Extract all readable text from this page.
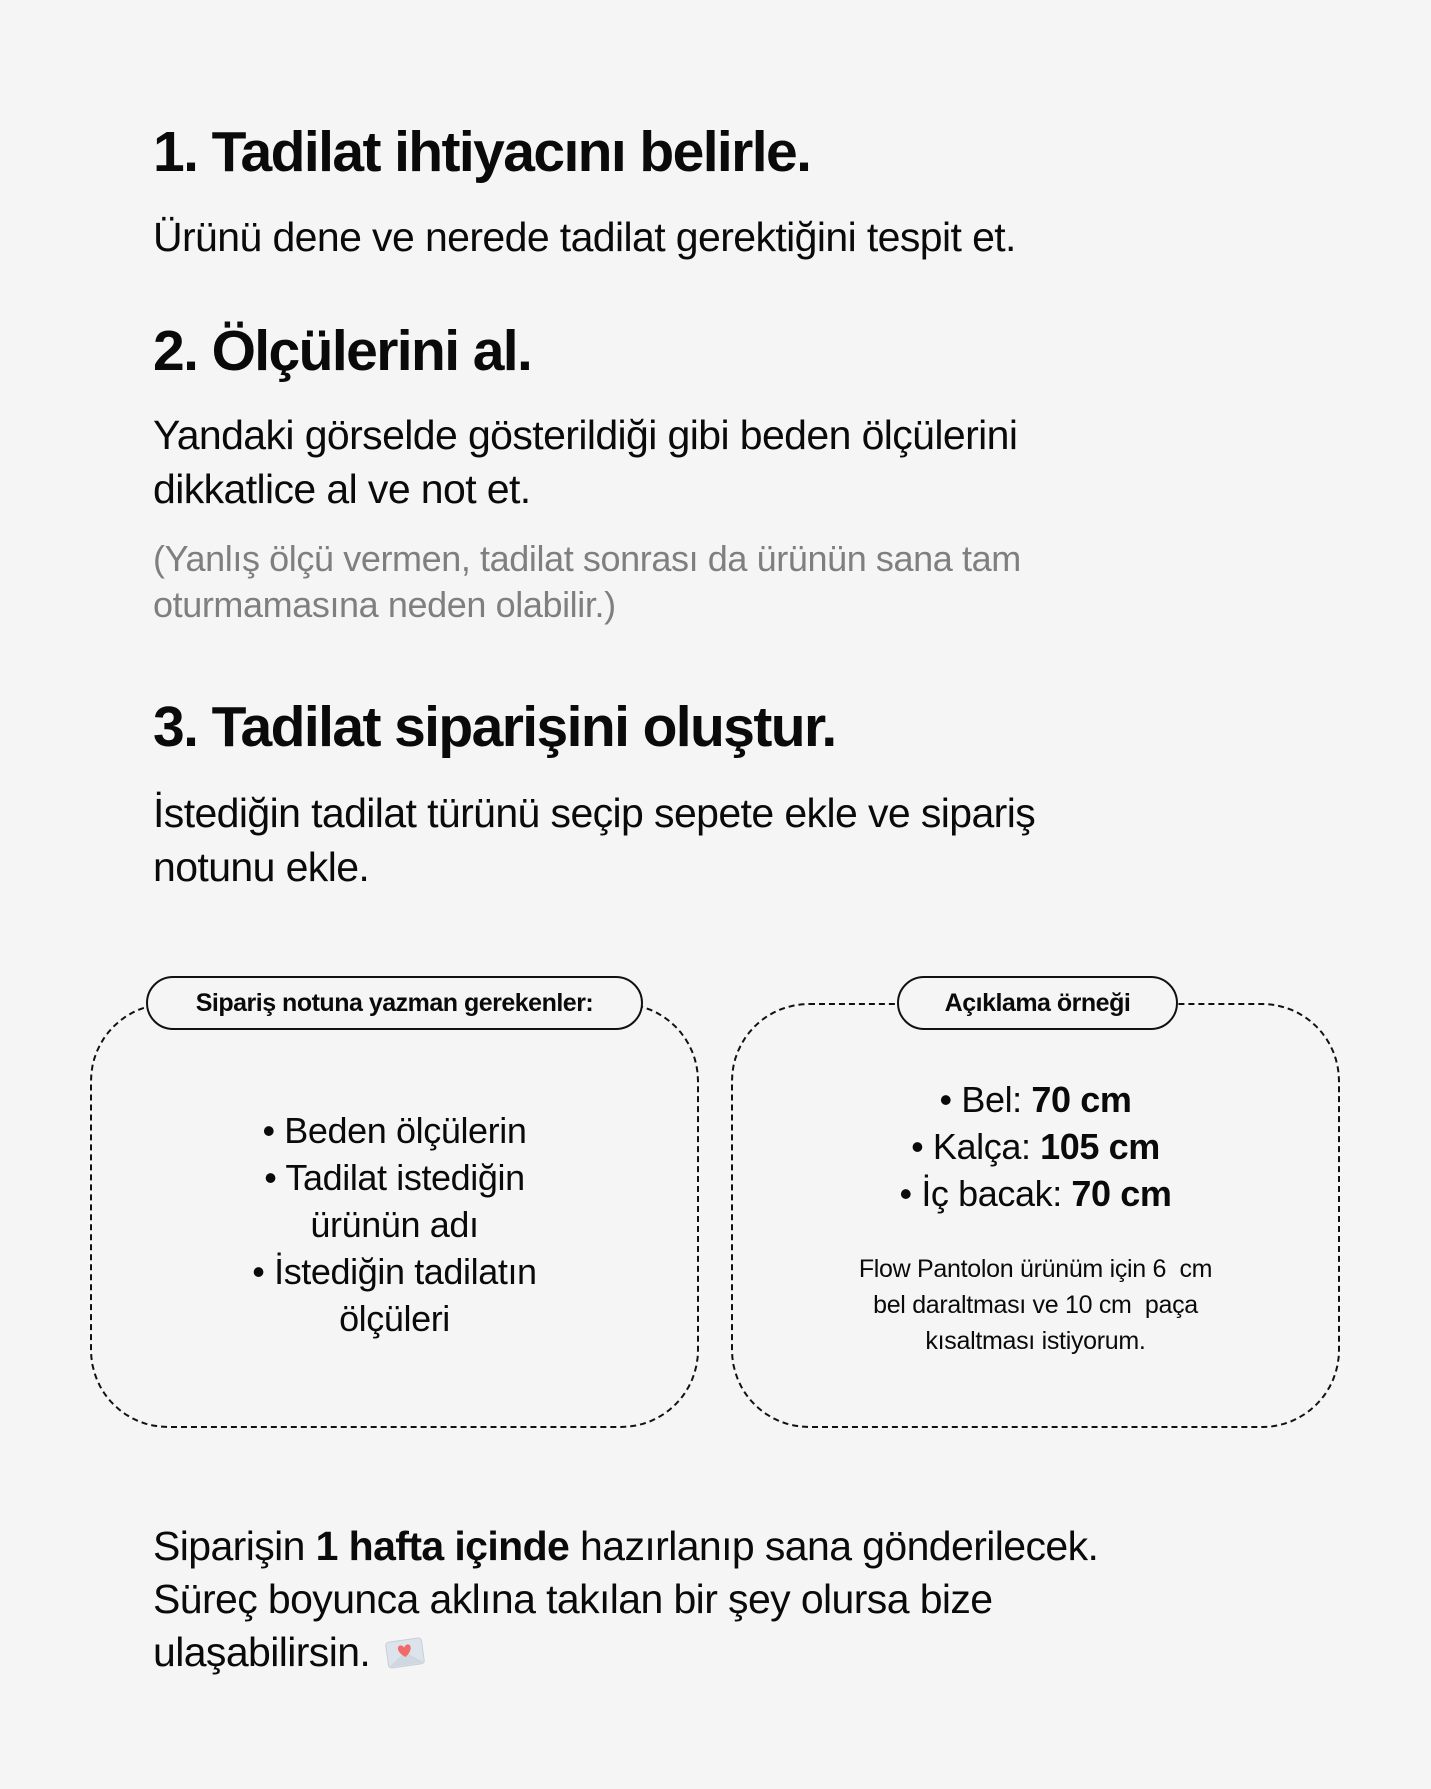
1. Tadilat ihtiyacını belirle.
Ürünü dene ve nerede tadilat gerektiğini tespit et.
2. Ölçülerini al.
Yandaki görselde gösterildiği gibi beden ölçülerini
dikkatlice al ve not et.
(Yanlış ölçü vermen, tadilat sonrası da ürünün sana tam
oturmamasına neden olabilir.)
3. Tadilat siparişini oluştur.
İstediğin tadilat türünü seçip sepete ekle ve sipariş
notunu ekle.
Sipariş notuna yazman gerekenler:
• Beden ölçülerin
• Tadilat istediğin
ürünün adı
• İstediğin tadilatın
ölçüleri
Açıklama örneği
• Bel: 70 cm
• Kalça: 105 cm
• İç bacak: 70 cm
Flow Pantolon ürünüm için 6  cm
bel daraltması ve 10 cm  paça
kısaltması istiyorum.
Siparişin 1 hafta içinde hazırlanıp sana gönderilecek.
Süreç boyunca aklına takılan bir şey olursa bize
ulaşabilirsin.
